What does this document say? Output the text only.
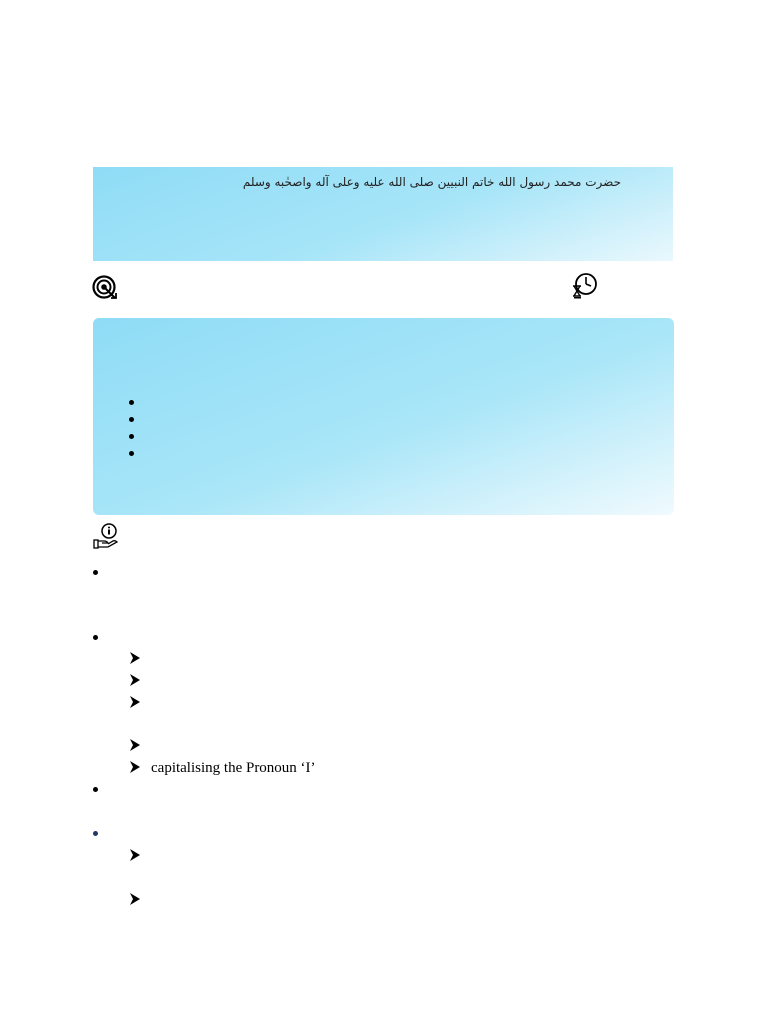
حضرت محمد رسول الله خاتم النبيين صلى الله عليه وعلى آله واصحٰبه وسلم
capitalising the Pronoun ‘I’
